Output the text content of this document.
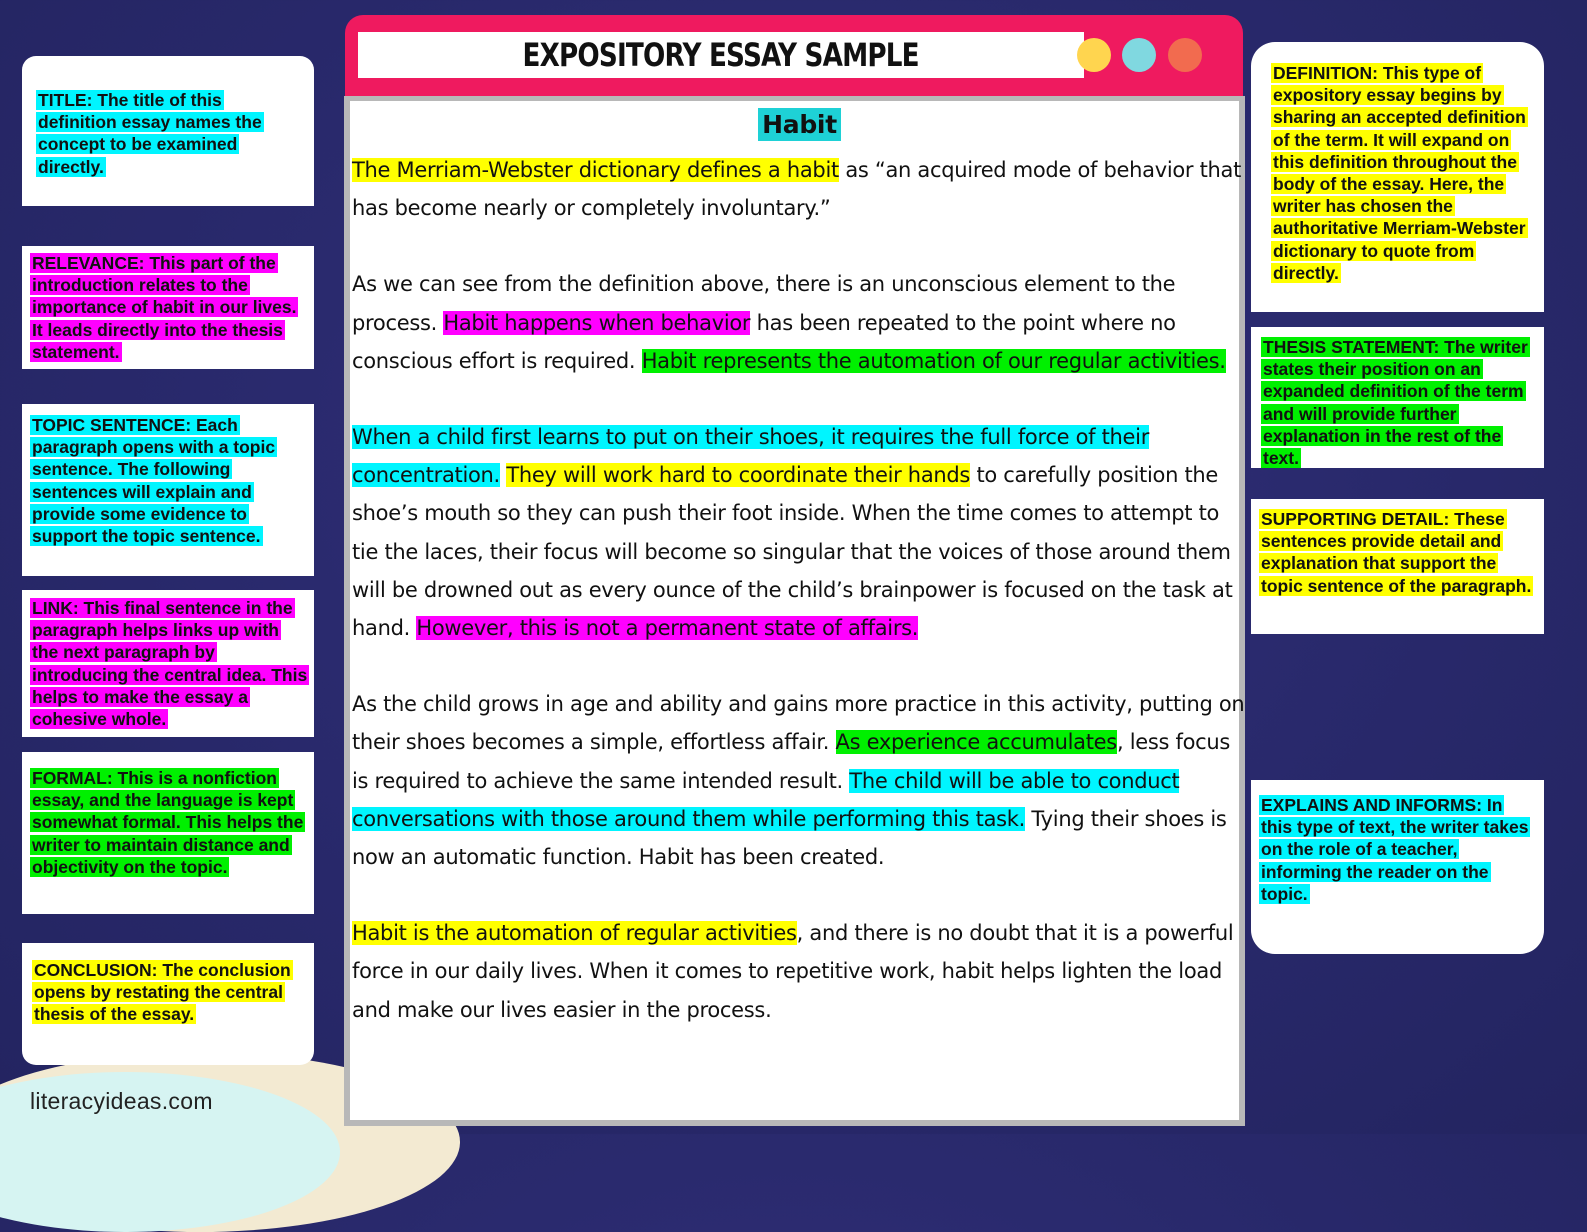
EXPOSITORY ESSAY SAMPLE
Habit

The Merriam-Webster dictionary defines a habit as “an acquired mode of behavior that has become nearly or completely involuntary.”

As we can see from the definition above, there is an unconscious element to the process. Habit happens when behavior has been repeated to the point where no conscious effort is required. Habit represents the automation of our regular activities.

When a child first learns to put on their shoes, it requires the full force of their concentration. They will work hard to coordinate their hands to carefully position the shoe’s mouth so they can push their foot inside. When the time comes to attempt to tie the laces, their focus will become so singular that the voices of those around them will be drowned out as every ounce of the child’s brainpower is focused on the task at hand. However, this is not a permanent state of affairs.

As the child grows in age and ability and gains more practice in this activity, putting on their shoes becomes a simple, effortless affair. As experience accumulates, less focus is required to achieve the same intended result. The child will be able to conduct conversations with those around them while performing this task. Tying their shoes is now an automatic function. Habit has been created.

Habit is the automation of regular activities, and there is no doubt that it is a powerful force in our daily lives. When it comes to repetitive work, habit helps lighten the load and make our lives easier in the process.

TITLE: The title of this definition essay names the concept to be examined directly.
RELEVANCE: This part of the introduction relates to the importance of habit in our lives. It leads directly into the thesis statement.
TOPIC SENTENCE: Each paragraph opens with a topic sentence. The following sentences will explain and provide some evidence to support the topic sentence.
LINK: This final sentence in the paragraph helps links up with the next paragraph by introducing the central idea. This helps to make the essay a cohesive whole.
FORMAL: This is a nonfiction essay, and the language is kept somewhat formal. This helps the writer to maintain distance and objectivity on the topic.
CONCLUSION: The conclusion opens by restating the central thesis of the essay.
DEFINITION: This type of expository essay begins by sharing an accepted definition of the term. It will expand on this definition throughout the body of the essay. Here, the writer has chosen the authoritative Merriam-Webster dictionary to quote from directly.
THESIS STATEMENT: The writer states their position on an expanded definition of the term and will provide further explanation in the rest of the text.
SUPPORTING DETAIL: These sentences provide detail and explanation that support the topic sentence of the paragraph.
EXPLAINS AND INFORMS: In this type of text, the writer takes on the role of a teacher, informing the reader on the topic.
literacyideas.com
